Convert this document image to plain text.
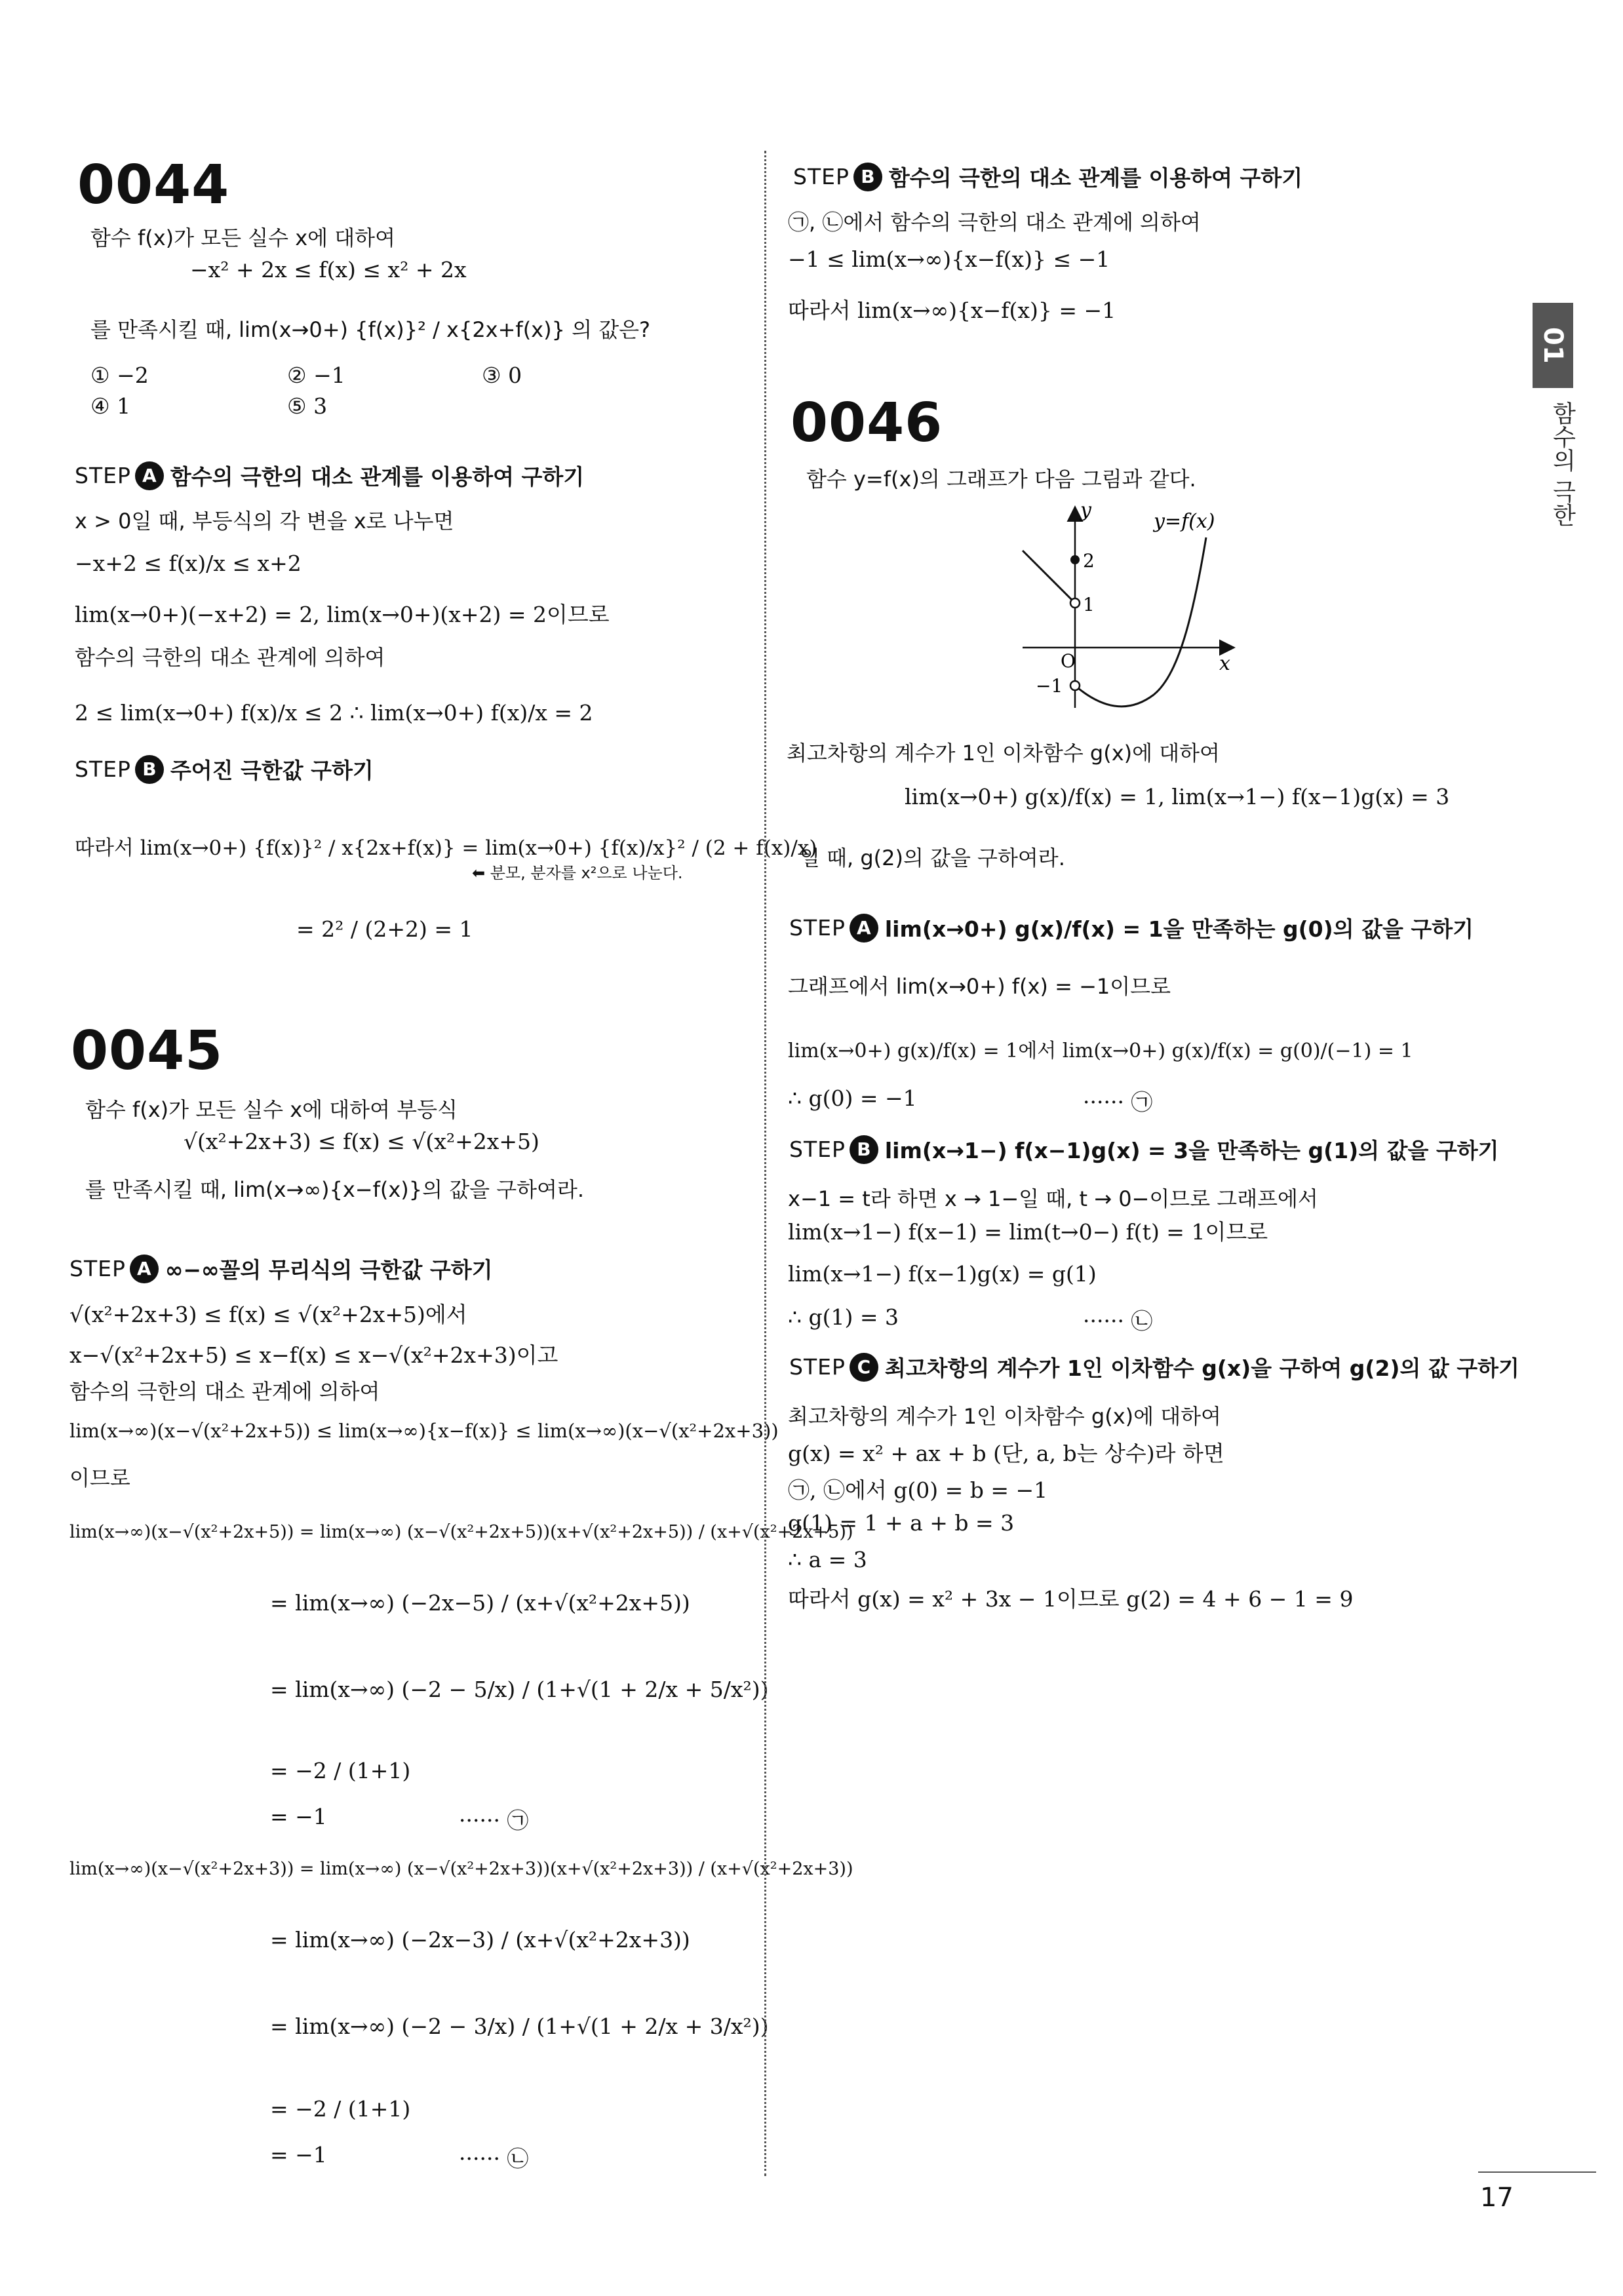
0044
함수 f(x)가 모든 실수 x에 대하여
−x² + 2x ≤ f(x) ≤ x² + 2x
를 만족시킬 때, lim(x→0+) {f(x)}² / x{2x+f(x)} 의 값은?
① −2	② −1	③ 0
④ 1	⑤ 3
STEP A 함수의 극한의 대소 관계를 이용하여 구하기
x > 0일 때, 부등식의 각 변을 x로 나누면
−x+2 ≤ f(x)/x ≤ x+2
lim(x→0+)(−x+2) = 2, lim(x→0+)(x+2) = 2이므로
함수의 극한의 대소 관계에 의하여
2 ≤ lim(x→0+) f(x)/x ≤ 2 ∴ lim(x→0+) f(x)/x = 2
STEP B 주어진 극한값 구하기
따라서 lim(x→0+) {f(x)}² / x{2x+f(x)} = lim(x→0+) {f(x)/x}² / (2 + f(x)/x)
⬅ 분모, 분자를 x²으로 나눈다.
= 2² / (2+2) = 1
0045
함수 f(x)가 모든 실수 x에 대하여 부등식
√(x²+2x+3) ≤ f(x) ≤ √(x²+2x+5)
를 만족시킬 때, lim(x→∞){x−f(x)}의 값을 구하여라.
STEP A ∞−∞꼴의 무리식의 극한값 구하기
√(x²+2x+3) ≤ f(x) ≤ √(x²+2x+5)에서
x−√(x²+2x+5) ≤ x−f(x) ≤ x−√(x²+2x+3)이고
함수의 극한의 대소 관계에 의하여
lim(x→∞)(x−√(x²+2x+5)) ≤ lim(x→∞){x−f(x)} ≤ lim(x→∞)(x−√(x²+2x+3))
이므로
lim(x→∞)(x−√(x²+2x+5)) = lim(x→∞) (x−√(x²+2x+5))(x+√(x²+2x+5)) / (x+√(x²+2x+5))
= lim(x→∞) (−2x−5) / (x+√(x²+2x+5))
= lim(x→∞) (−2 − 5/x) / (1+√(1 + 2/x + 5/x²))
= −2 / (1+1)
= −1	······ ㉠
lim(x→∞)(x−√(x²+2x+3)) = lim(x→∞) (x−√(x²+2x+3))(x+√(x²+2x+3)) / (x+√(x²+2x+3))
= lim(x→∞) (−2x−3) / (x+√(x²+2x+3))
= lim(x→∞) (−2 − 3/x) / (1+√(1 + 2/x + 3/x²))
= −2 / (1+1)
= −1	······ ㉡
STEP B 함수의 극한의 대소 관계를 이용하여 구하기
㉠, ㉡에서 함수의 극한의 대소 관계에 의하여
−1 ≤ lim(x→∞){x−f(x)} ≤ −1
따라서 lim(x→∞){x−f(x)} = −1
0046
함수 y=f(x)의 그래프가 다음 그림과 같다.
y
x
y=f(x)
2
1
O
−1
최고차항의 계수가 1인 이차함수 g(x)에 대하여
lim(x→0+) g(x)/f(x) = 1, lim(x→1−) f(x−1)g(x) = 3
일 때, g(2)의 값을 구하여라.
STEP A lim(x→0+) g(x)/f(x) = 1을 만족하는 g(0)의 값을 구하기
그래프에서 lim(x→0+) f(x) = −1이므로
lim(x→0+) g(x)/f(x) = 1에서 lim(x→0+) g(x)/f(x) = g(0)/(−1) = 1
∴ g(0) = −1	······ ㉠
STEP B lim(x→1−) f(x−1)g(x) = 3을 만족하는 g(1)의 값을 구하기
x−1 = t라 하면 x → 1−일 때, t → 0−이므로 그래프에서
lim(x→1−) f(x−1) = lim(t→0−) f(t) = 1이므로
lim(x→1−) f(x−1)g(x) = g(1)
∴ g(1) = 3	······ ㉡
STEP C 최고차항의 계수가 1인 이차함수 g(x)을 구하여 g(2)의 값 구하기
최고차항의 계수가 1인 이차함수 g(x)에 대하여
g(x) = x² + ax + b (단, a, b는 상수)라 하면
㉠, ㉡에서 g(0) = b = −1
g(1) = 1 + a + b = 3
∴ a = 3
따라서 g(x) = x² + 3x − 1이므로 g(2) = 4 + 6 − 1 = 9
01
함수의 극한
17
